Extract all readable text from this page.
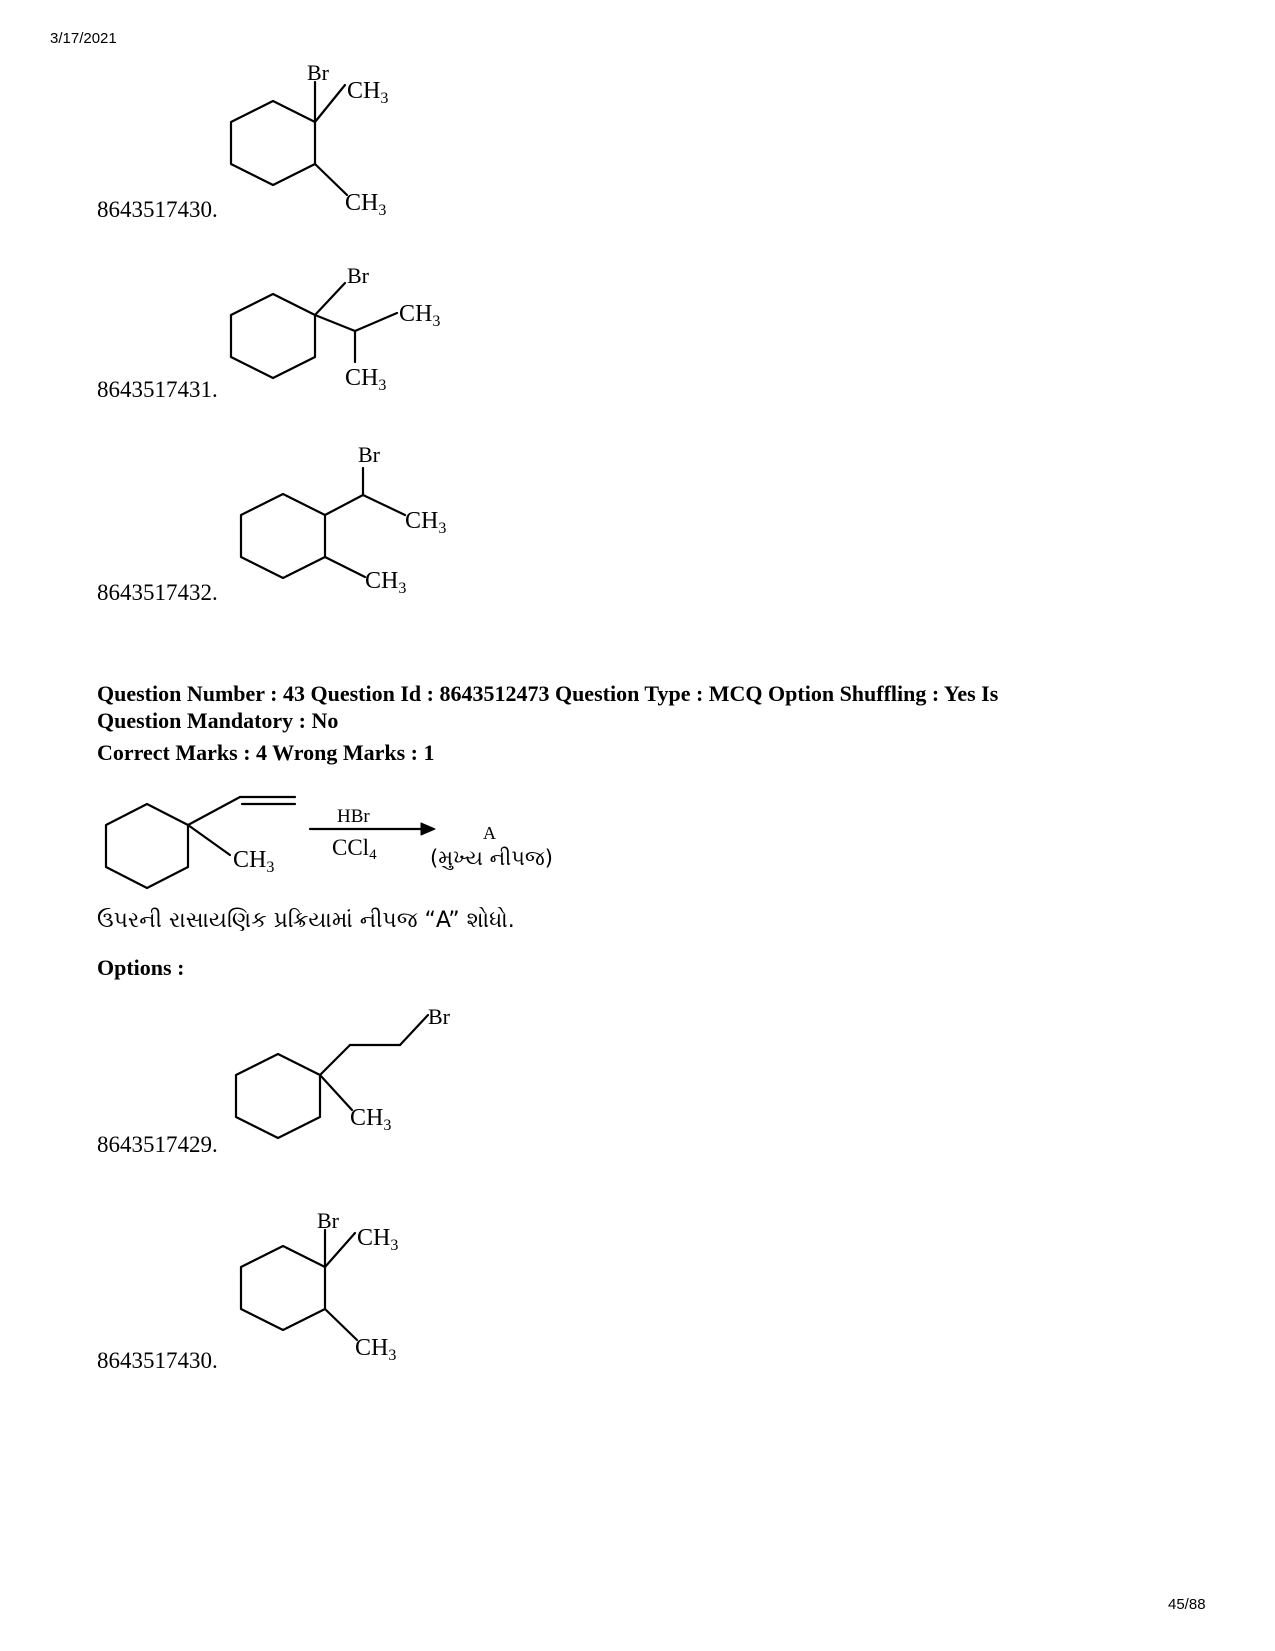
3/17/2021
Br
$CH_3$
$CH_3$
8643517430.
Br
$CH_3$
$CH_3$
8643517431.
Br
$CH_3$
$CH_3$
8643517432.
Question Number : 43 Question Id : 8643512473 Question Type : MCQ Option Shuffling : Yes Is
Question Mandatory : No
Correct Marks : 4 Wrong Marks : 1
$CH_3$
HBr
CCl4
A
(મુખ્ય નીપજ)
ઉપરની રાસાયણિક પ્રક્રિયામાં નીપજ “A” શોધો.
Options :
Br
$CH_3$
8643517429.
Br
$CH_3$
$CH_3$
8643517430.
45/88
